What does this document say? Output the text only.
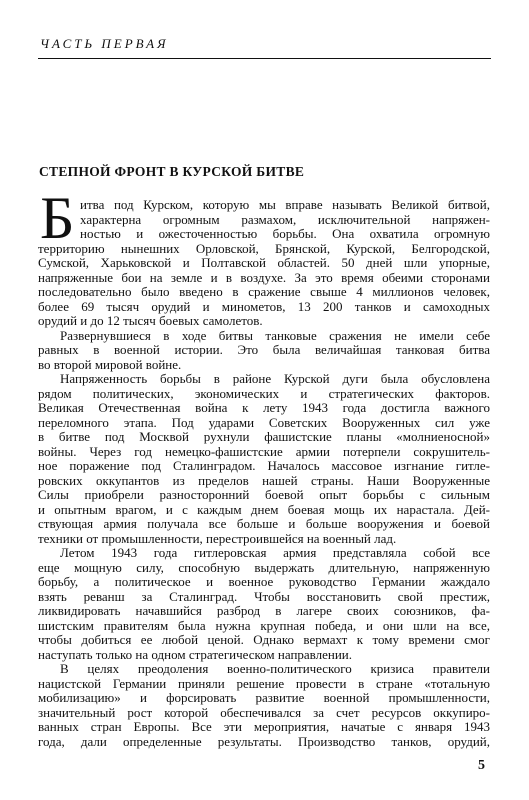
ЧАСТЬ ПЕРВАЯ
СТЕПНОЙ ФРОНТ В КУРСКОЙ БИТВЕ
Б итва под Курском, которую мы вправе называть Великой битвой,
характерна огромным размахом, исключительной напряжен-
ностью и ожесточенностью борьбы. Она охватила огромную
территорию нынешних Орловской, Брянской, Курской, Белгородской,
Сумской, Харьковской и Полтавской областей. 50 дней шли упорные,
напряженные бои на земле и в воздухе. За это время обеими сторонами
последовательно было введено в сражение свыше 4 миллионов человек,
более 69 тысяч орудий и минометов, 13 200 танков и самоходных
орудий и до 12 тысяч боевых самолетов.
Развернувшиеся в ходе битвы танковые сражения не имели себе
равных в военной истории. Это была величайшая танковая битва
во второй мировой войне.
Напряженность борьбы в районе Курской дуги была обусловлена
рядом политических, экономических и стратегических факторов.
Великая Отечественная война к лету 1943 года достигла важного
переломного этапа. Под ударами Советских Вооруженных сил уже
в битве под Москвой рухнули фашистские планы «молниеносной»
войны. Через год немецко-фашистские армии потерпели сокрушитель-
ное поражение под Сталинградом. Началось массовое изгнание гитле-
ровских оккупантов из пределов нашей страны. Наши Вооруженные
Силы приобрели разносторонний боевой опыт борьбы с сильным
и опытным врагом, и с каждым днем боевая мощь их нарастала. Дей-
ствующая армия получала все больше и больше вооружения и боевой
техники от промышленности, перестроившейся на военный лад.
Летом 1943 года гитлеровская армия представляла собой все
еще мощную силу, способную выдержать длительную, напряженную
борьбу, а политическое и военное руководство Германии жаждало
взять реванш за Сталинград. Чтобы восстановить свой престиж,
ликвидировать начавшийся разброд в лагере своих союзников, фа-
шистским правителям была нужна крупная победа, и они шли на все,
чтобы добиться ее любой ценой. Однако вермахт к тому времени смог
наступать только на одном стратегическом направлении.
В целях преодоления военно-политического кризиса правители
нацистской Германии приняли решение провести в стране «тотальную
мобилизацию» и форсировать развитие военной промышленности,
значительный рост которой обеспечивался за счет ресурсов оккупиро-
ванных стран Европы. Все эти мероприятия, начатые с января 1943
года, дали определенные результаты. Производство танков, орудий,
5
